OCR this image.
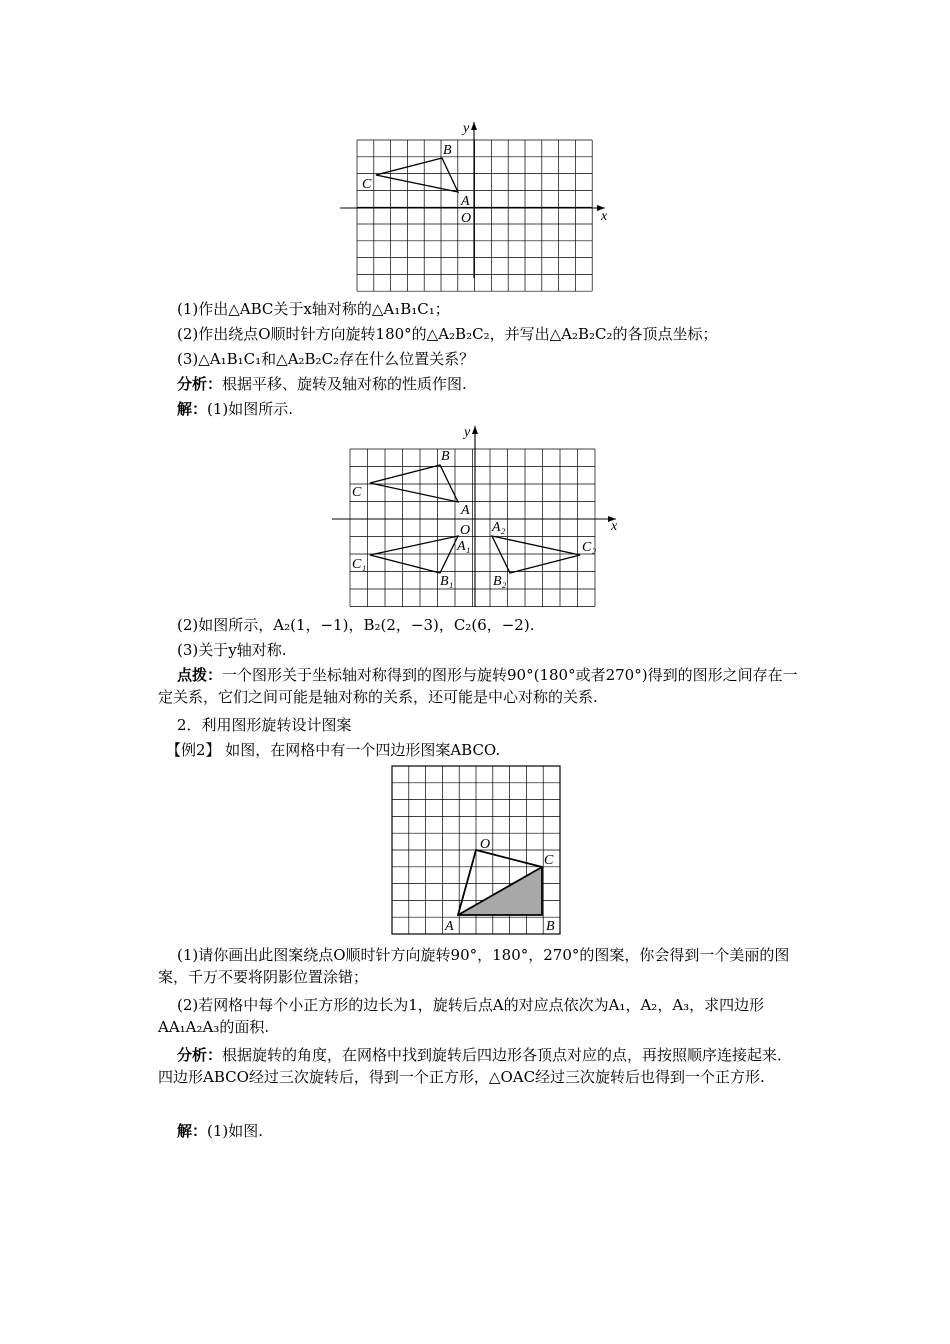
y
x
B
C
A
O
(1)作出△ABC关于x轴对称的△A₁B₁C₁；
(2)作出绕点O顺时针方向旋转180°的△A₂B₂C₂，并写出△A₂B₂C₂的各顶点坐标；
(3)△A₁B₁C₁和△A₂B₂C₂存在什么位置关系？
分析：根据平移、旋转及轴对称的性质作图.
解：(1)如图所示.
y
x
B
C
A
O
A₁
B₁
C₁
A₂
B₂
C₂
(2)如图所示，A₂(1，−1)，B₂(2，−3)，C₂(6，−2).
(3)关于y轴对称.
点拨：一个图形关于坐标轴对称得到的图形与旋转90°(180°或者270°)得到的图形之间存在一定关系，它们之间可能是轴对称的关系，还可能是中心对称的关系.
2．利用图形旋转设计图案
【例2】 如图，在网格中有一个四边形图案ABCO.
O
C
A	B
(1)请你画出此图案绕点O顺时针方向旋转90°，180°，270°的图案，你会得到一个美丽的图案，千万不要将阴影位置涂错；
(2)若网格中每个小正方形的边长为1，旋转后点A的对应点依次为A₁，A₂，A₃，求四边形AA₁A₂A₃的面积.
分析：根据旋转的角度，在网格中找到旋转后四边形各顶点对应的点，再按照顺序连接起来．四边形ABCO经过三次旋转后，得到一个正方形，△OAC经过三次旋转后也得到一个正方形.
解：(1)如图.
